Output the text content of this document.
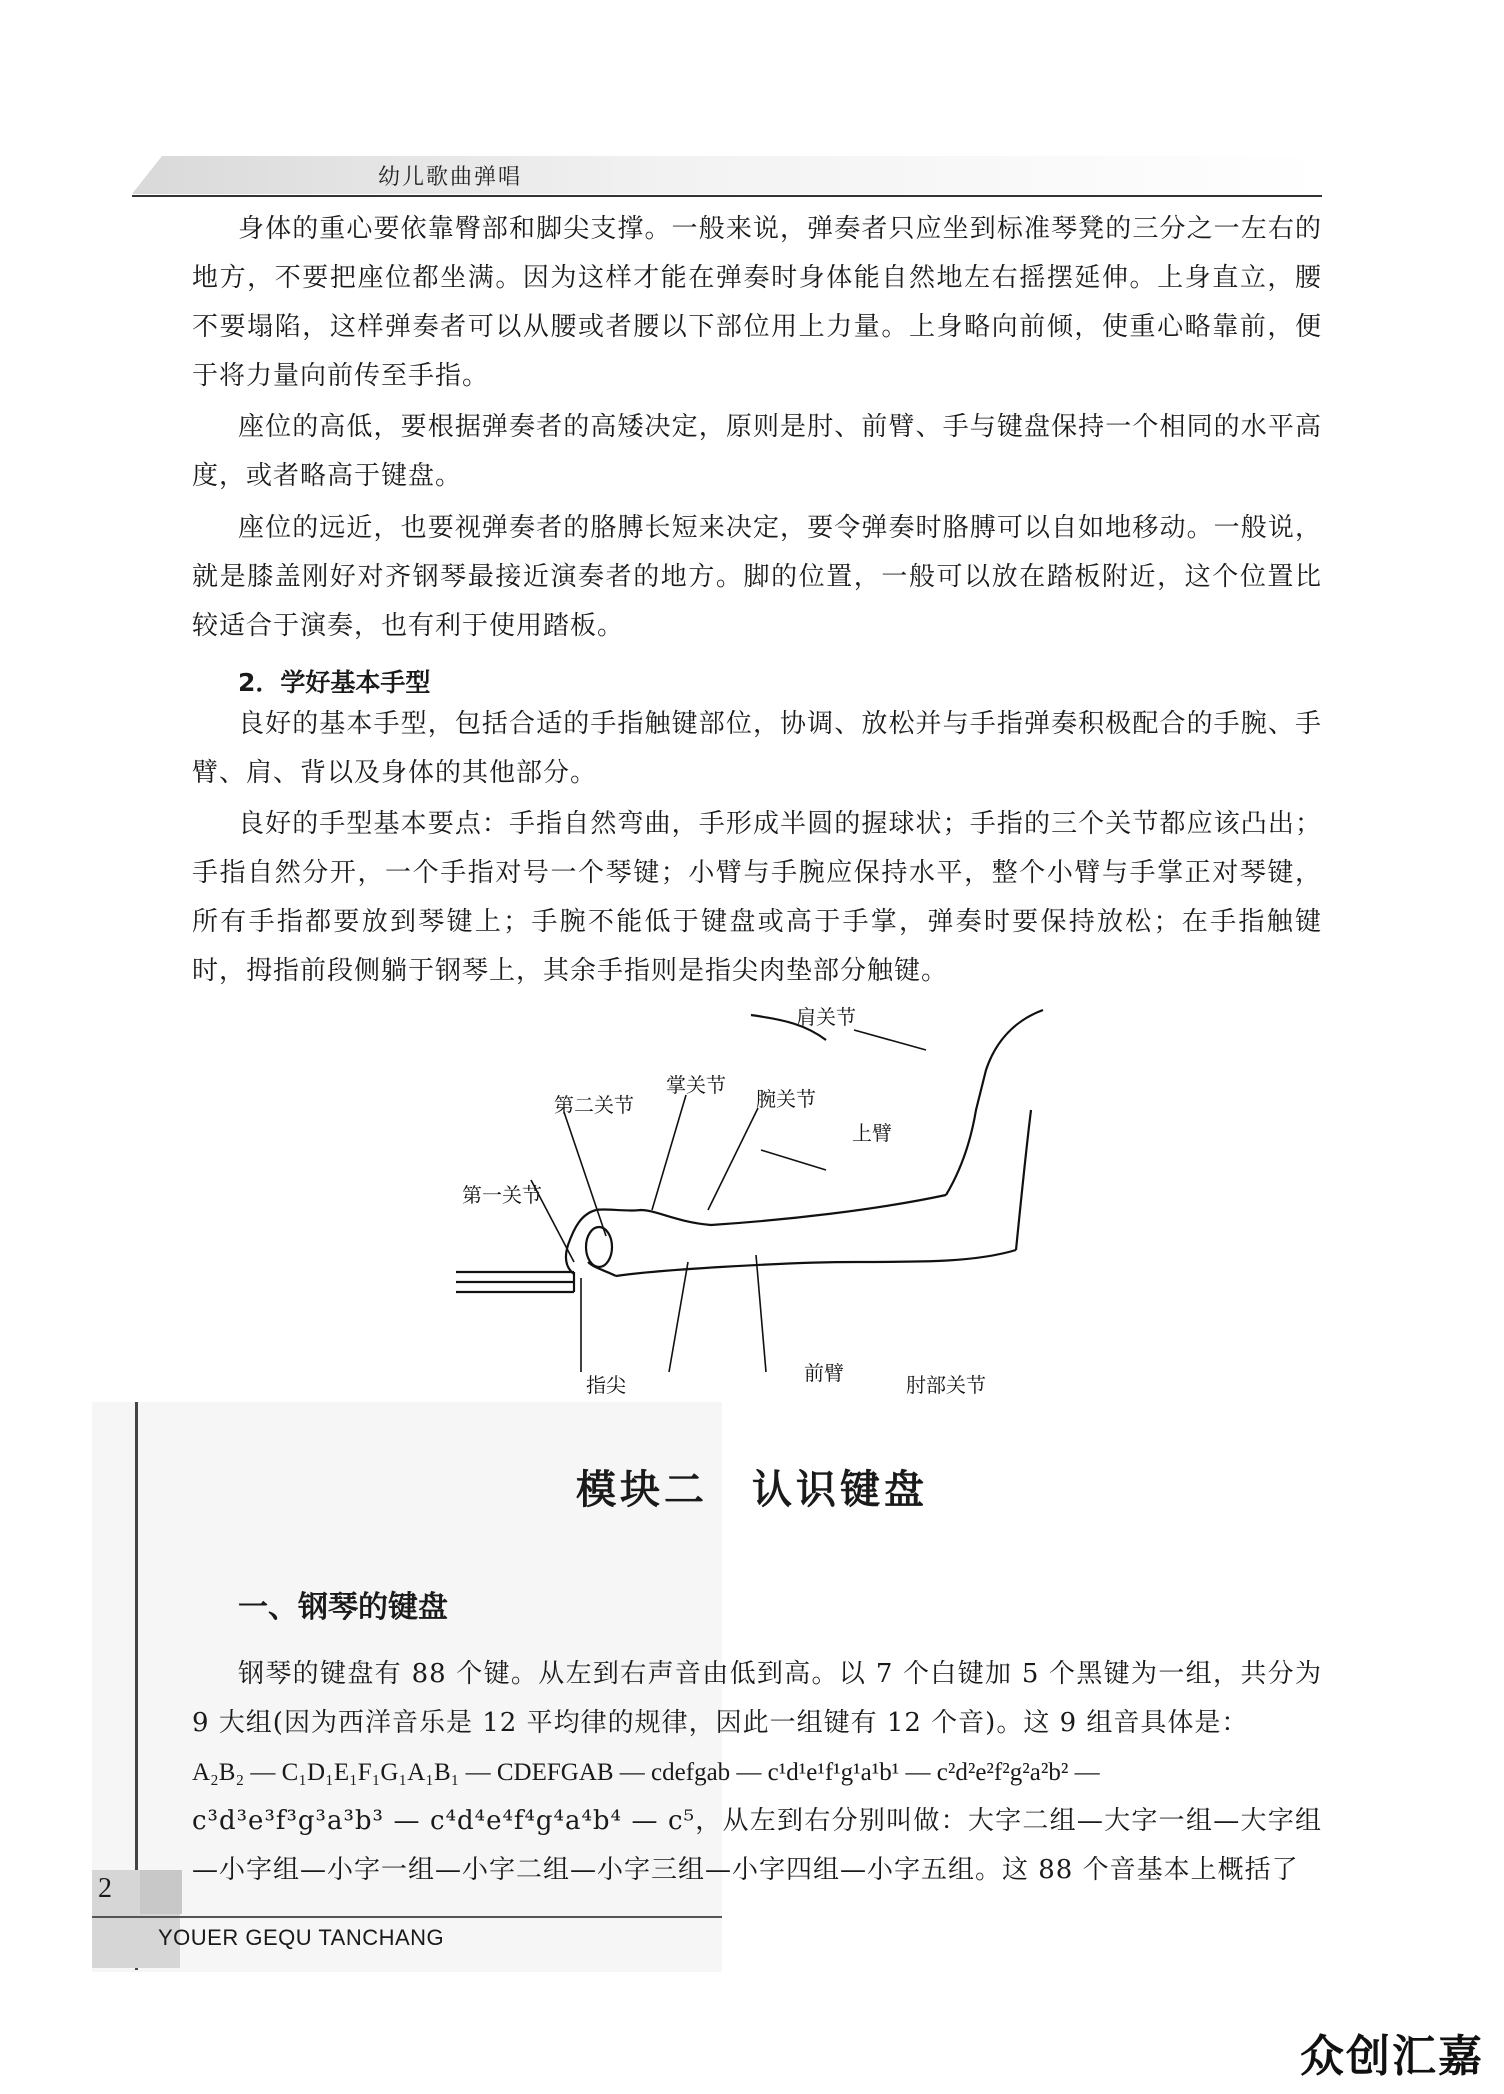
幼儿歌曲弹唱

身体的重心要依靠臀部和脚尖支撑。一般来说，弹奏者只应坐到标准琴凳的三分之一左右的地方，不要把座位都坐满。因为这样才能在弹奏时身体能自然地左右摇摆延伸。上身直立，腰不要塌陷，这样弹奏者可以从腰或者腰以下部位用上力量。上身略向前倾，使重心略靠前，便于将力量向前传至手指。

座位的高低，要根据弹奏者的高矮决定，原则是肘、前臂、手与键盘保持一个相同的水平高度，或者略高于键盘。

座位的远近，也要视弹奏者的胳膊长短来决定，要令弹奏时胳膊可以自如地移动。一般说，就是膝盖刚好对齐钢琴最接近演奏者的地方。脚的位置，一般可以放在踏板附近，这个位置比较适合于演奏，也有利于使用踏板。

2．学好基本手型

良好的基本手型，包括合适的手指触键部位，协调、放松并与手指弹奏积极配合的手腕、手臂、肩、背以及身体的其他部分。

良好的手型基本要点：手指自然弯曲，手形成半圆的握球状；手指的三个关节都应该凸出；手指自然分开，一个手指对号一个琴键；小臂与手腕应保持水平，整个小臂与手掌正对琴键，所有手指都要放到琴键上；手腕不能低于键盘或高于手掌，弹奏时要保持放松；在手指触键时，拇指前段侧躺于钢琴上，其余手指则是指尖肉垫部分触键。

肩关节
掌关节
腕关节
第二关节
上臂
第一关节
指尖	前臂	肘部关节
模块二　认识键盘
一、钢琴的键盘

钢琴的键盘有 88 个键。从左到右声音由低到高。以 7 个白键加 5 个黑键为一组，共分为 9 大组(因为西洋音乐是 12 平均律的规律，因此一组键有 12 个音)。这 9 组音具体是：

A₂B₂ — C₁D₁E₁F₁G₁A₁B₁ — CDEFGAB — cdefgab — c¹d¹e¹f¹g¹a¹b¹ — c²d²e²f²g²a²b² —

c³d³e³f³g³a³b³ — c⁴d⁴e⁴f⁴g⁴a⁴b⁴ — c⁵，从左到右分别叫做：大字二组—大字一组—大字组—小字组—小字一组—小字二组—小字三组—小字四组—小字五组。这 88 个音基本上概括了

2
YOUER GEQU TANCHANG
众创汇嘉
